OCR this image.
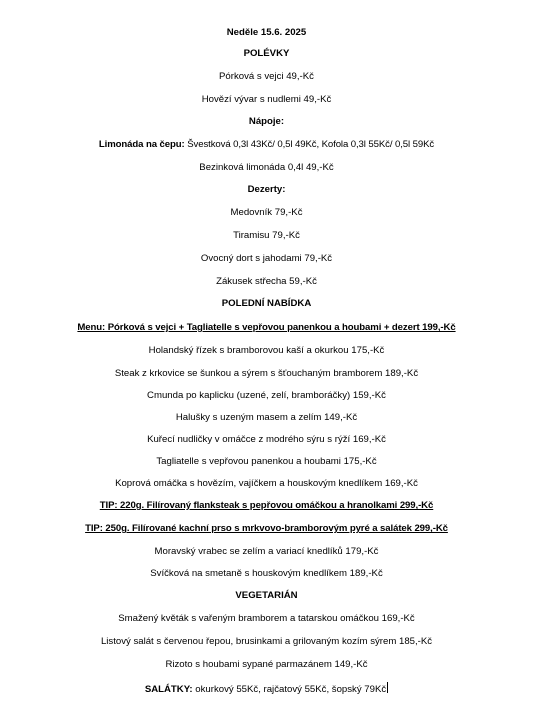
Neděle 15.6. 2025
POLÉVKY
Pórková s vejci 49,-Kč
Hovězí vývar s nudlemi 49,-Kč
Nápoje:
Limonáda na čepu: Švestková 0,3l 43Kč/ 0,5l 49Kč, Kofola 0,3l 55Kč/ 0,5l 59Kč
Bezinková limonáda 0,4l 49,-Kč
Dezerty:
Medovník 79,-Kč
Tiramisu 79,-Kč
Ovocný dort s jahodami 79,-Kč
Zákusek střecha 59,-Kč
POLEDNÍ NABÍDKA
Menu: Pórková s vejci + Tagliatelle s vepřovou panenkou a houbami + dezert 199,-Kč
Holandský řízek s bramborovou kaší a okurkou 175,-Kč
Steak z krkovice se šunkou a sýrem s šťouchaným bramborem 189,-Kč
Cmunda po kaplicku (uzené, zelí, bramboráčky) 159,-Kč
Halušky s uzeným masem a zelím 149,-Kč
Kuřecí nudličky v omáčce z modrého sýru s rýží 169,-Kč
Tagliatelle s vepřovou panenkou a houbami 175,-Kč
Koprová omáčka s hovězím, vajíčkem a houskovým knedlíkem 169,-Kč
TIP: 220g. Filírovaný flanksteak s pepřovou omáčkou a hranolkami 299,-Kč
TIP: 250g. Filírované kachní prso s mrkvovo-bramborovým pyré a salátek 299,-Kč
Moravský vrabec se zelím a variací knedlíků 179,-Kč
Svíčková na smetaně s houskovým knedlíkem 189,-Kč
VEGETARIÁN
Smažený květák s vařeným bramborem a tatarskou omáčkou 169,-Kč
Listový salát s červenou řepou, brusinkami a grilovaným kozím sýrem 185,-Kč
Rizoto s houbami sypané parmazánem 149,-Kč
SALÁTKY: okurkový 55Kč, rajčatový 55Kč, šopský 79Kč
